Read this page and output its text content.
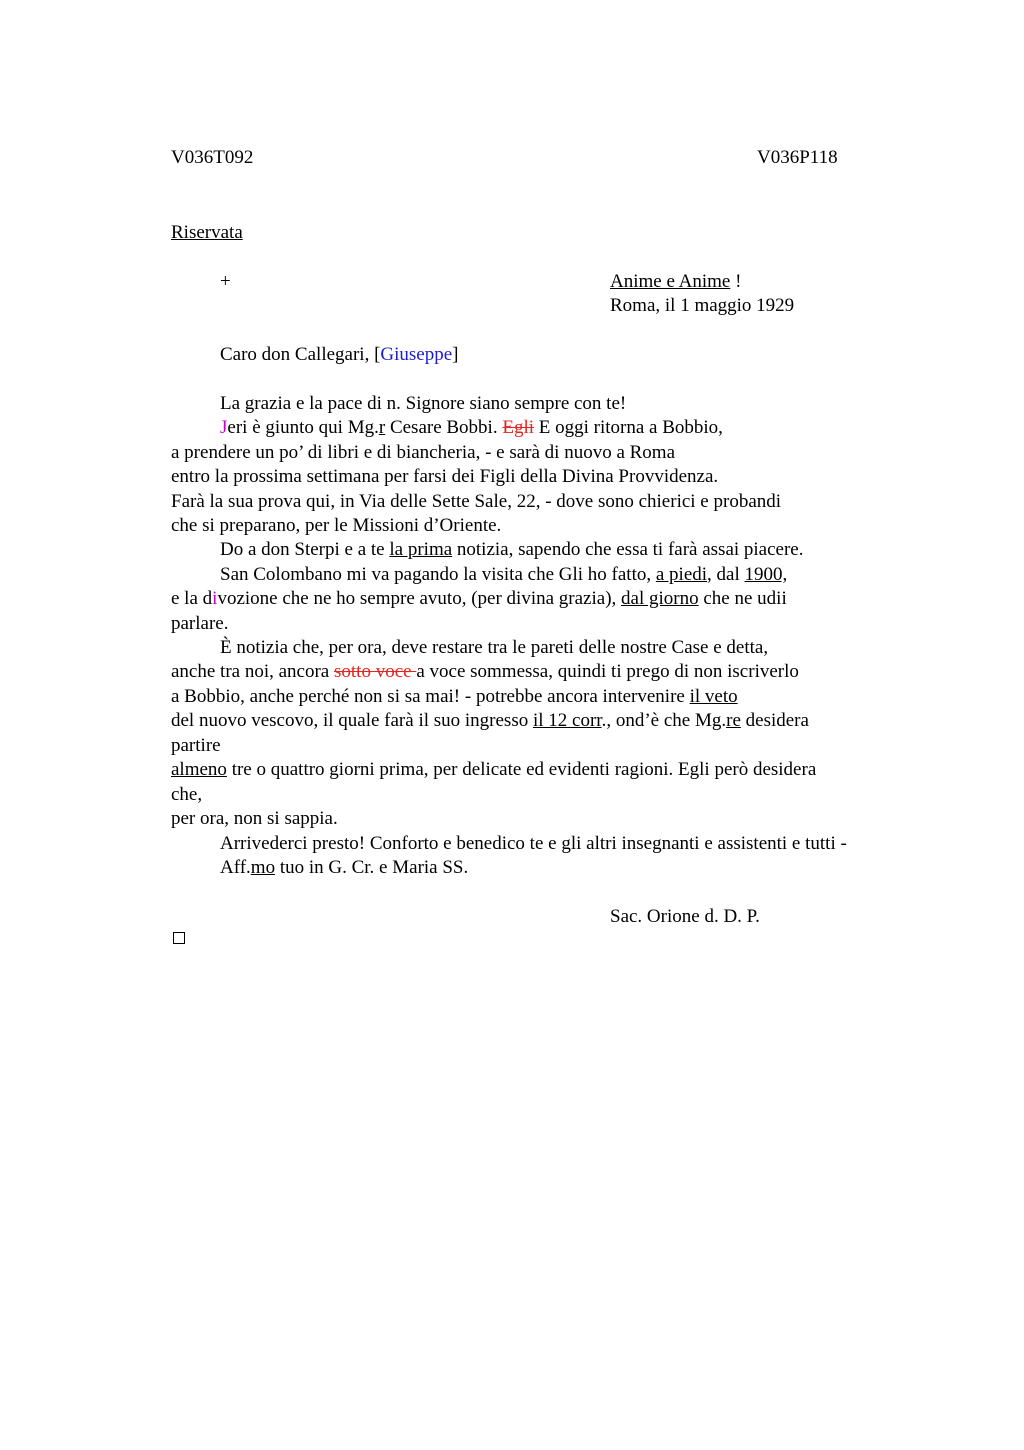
V036T092	V036P118
Riservata
+	Anime e Anime !
Roma, il 1 maggio 1929
Caro don Callegari, [Giuseppe]
La grazia e la pace di n. Signore siano sempre con te!
Jeri è giunto qui Mg.r Cesare Bobbi. Egli E oggi ritorna a Bobbio,
a prendere un po’ di libri e di biancheria, - e sarà di nuovo a Roma
entro la prossima settimana per farsi dei Figli della Divina Provvidenza.
Farà la sua prova qui, in Via delle Sette Sale, 22, - dove sono chierici e probandi
che si preparano, per le Missioni d’Oriente.
Do a don Sterpi e a te la prima notizia, sapendo che essa ti farà assai piacere.
San Colombano mi va pagando la visita che Gli ho fatto, a piedi, dal 1900,
e la divozione che ne ho sempre avuto, (per divina grazia), dal giorno che ne udii
parlare.
È notizia che, per ora, deve restare tra le pareti delle nostre Case e detta,
anche tra noi, ancora sotto voce a voce sommessa, quindi ti prego di non iscriverlo
a Bobbio, anche perché non si sa mai! - potrebbe ancora intervenire il veto
del nuovo vescovo, il quale farà il suo ingresso il 12 corr., ond’è che Mg.re desidera
partire
almeno tre o quattro giorni prima, per delicate ed evidenti ragioni. Egli però desidera
che,
per ora, non si sappia.
Arrivederci presto! Conforto e benedico te e gli altri insegnanti e assistenti e tutti -
Aff.mo tuo in G. Cr. e Maria SS.
Sac. Orione d. D. P.
